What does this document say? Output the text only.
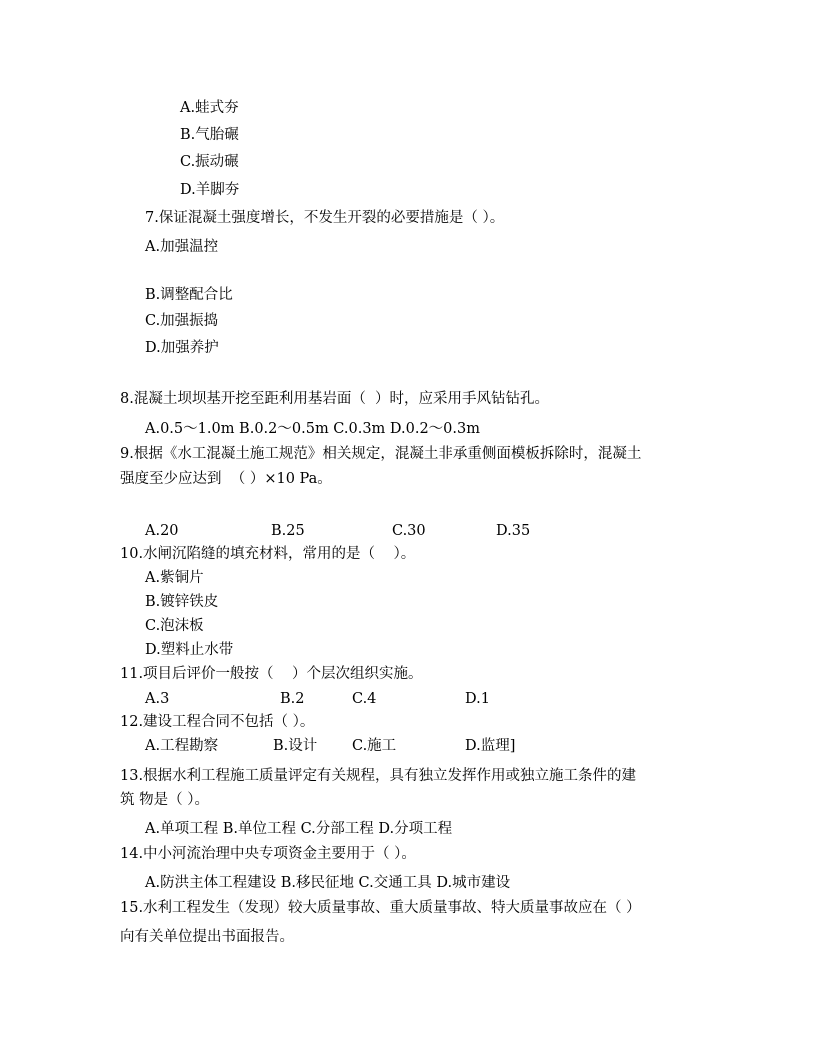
A.蛙式夯
B.气胎碾
C.振动碾
D.羊脚夯
7.保证混凝土强度增长，不发生开裂的必要措施是（ ）。
A.加强温控
B.调整配合比
C.加强振捣
D.加强养护
8.混凝土坝坝基开挖至距利用基岩面（  ）时，应采用手风钻钻孔。
A.0.5～1.0m B.0.2～0.5m C.0.3m D.0.2～0.3m
9.根据《水工混凝土施工规范》相关规定，混凝土非承重侧面模板拆除时，混凝土
强度至少应达到  （ ）×10 Pa。
A.20	B.25	C.30	D.35
10.水闸沉陷缝的填充材料，常用的是（    ）。
A.紫铜片
B.镀锌铁皮
C.泡沫板
D.塑料止水带
11.项目后评价一般按（    ）个层次组织实施。
A.3	B.2	C.4	D.1
12.建设工程合同不包括（ ）。
A.工程勘察	B.设计 C.施工	D.监理]
13.根据水利工程施工质量评定有关规程，具有独立发挥作用或独立施工条件的建
筑 物是（ ）。
A.单项工程 B.单位工程 C.分部工程 D.分项工程
14.中小河流治理中央专项资金主要用于（ ）。
A.防洪主体工程建设 B.移民征地 C.交通工具 D.城市建设
15.水利工程发生（发现）较大质量事故、重大质量事故、特大质量事故应在（ ）
向有关单位提出书面报告。
